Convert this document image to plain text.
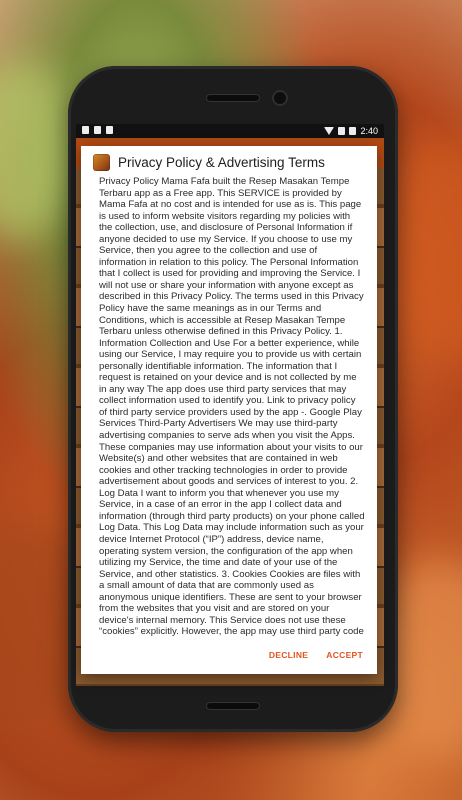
2:40
Privacy Policy & Advertising Terms
Privacy Policy Mama Fafa built the Resep Masakan Tempe Terbaru app as a Free app. This SERVICE is provided by Mama Fafa at no cost and is intended for use as is. This page is used to inform website visitors regarding my policies with the collection, use, and disclosure of Personal Information if anyone decided to use my Service. If you choose to use my Service, then you agree to the collection and use of information in relation to this policy. The Personal Information that I collect is used for providing and improving the Service. I will not use or share your information with anyone except as described in this Privacy Policy. The terms used in this Privacy Policy have the same meanings as in our Terms and Conditions, which is accessible at Resep Masakan Tempe Terbaru unless otherwise defined in this Privacy Policy. 1. Information Collection and Use For a better experience, while using our Service, I may require you to provide us with certain personally identifiable information. The information that I request is retained on your device and is not collected by me in any way The app does use third party services that may collect information used to identify you. Link to privacy policy of third party service providers used by the app -. Google Play Services Third-Party Advertisers We may use third-party advertising companies to serve ads when you visit the Apps. These companies may use information about your visits to our Website(s) and other websites that are contained in web cookies and other tracking technologies in order to provide advertisement about goods and services of interest to you. 2. Log Data I want to inform you that whenever you use my Service, in a case of an error in the app I collect data and information (through third party products) on your phone called Log Data. This Log Data may include information such as your device Internet Protocol (“IP”) address, device name, operating system version, the configuration of the app when utilizing my Service, the time and date of your use of the Service, and other statistics. 3. Cookies Cookies are files with a small amount of data that are commonly used as anonymous unique identifiers. These are sent to your browser from the websites that you visit and are stored on your device's internal memory. This Service does not use these “cookies” explicitly. However, the app may use third party code
DECLINE ACCEPT
